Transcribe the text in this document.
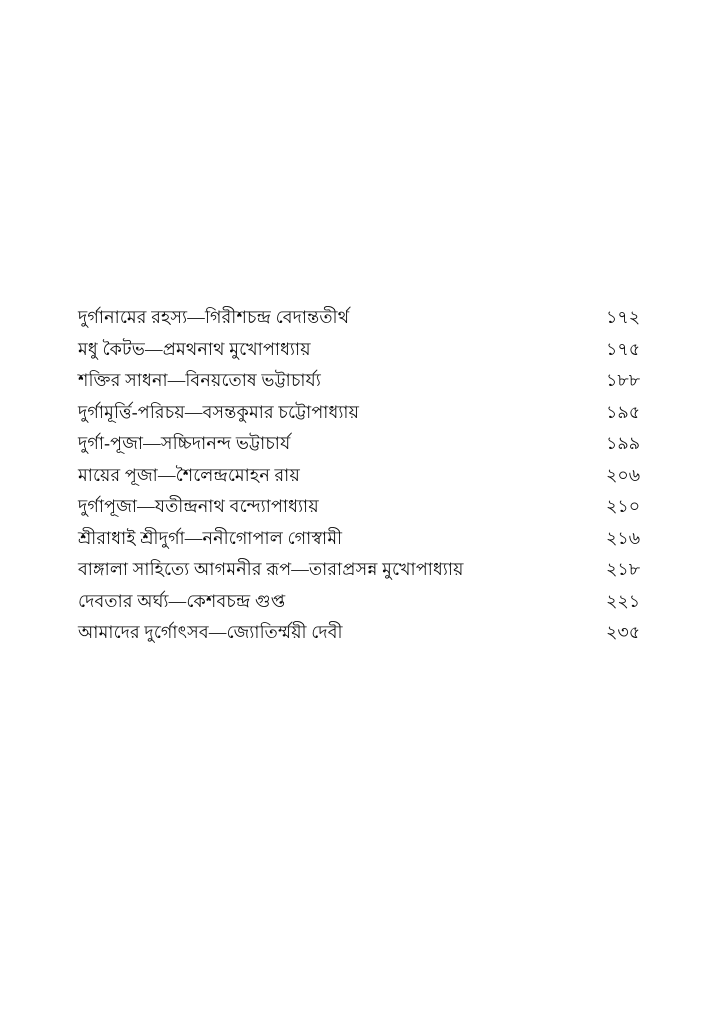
দুর্গানামের রহস্য—গিরীশচন্দ্র বেদান্ততীর্থ	১৭২
মধু কৈটভ—প্রমথনাথ মুখোপাধ্যায়	১৭৫
শক্তির সাধনা—বিনয়তোষ ভট্টাচার্য্য	১৮৮
দুর্গামূর্ত্তি-পরিচয়—বসন্তকুমার চট্টোপাধ্যায়	১৯৫
দুর্গা-পূজা—সচ্চিদানন্দ ভট্টাচার্য	১৯৯
মায়ের পূজা—শৈলেন্দ্রমোহন রায়	২০৬
দুর্গাপূজা—যতীন্দ্রনাথ বন্দ্যোপাধ্যায়	২১০
শ্রীরাধাই শ্রীদুর্গা—ননীগোপাল গোস্বামী	২১৬
বাঙ্গালা সাহিত্যে আগমনীর রূপ—তারাপ্রসন্ন মুখোপাধ্যায়	২১৮
দেবতার অর্ঘ্য—কেশবচন্দ্র গুপ্ত	২২১
আমাদের দুর্গোৎসব—জ্যোতির্ম্ময়ী দেবী	২৩৫
